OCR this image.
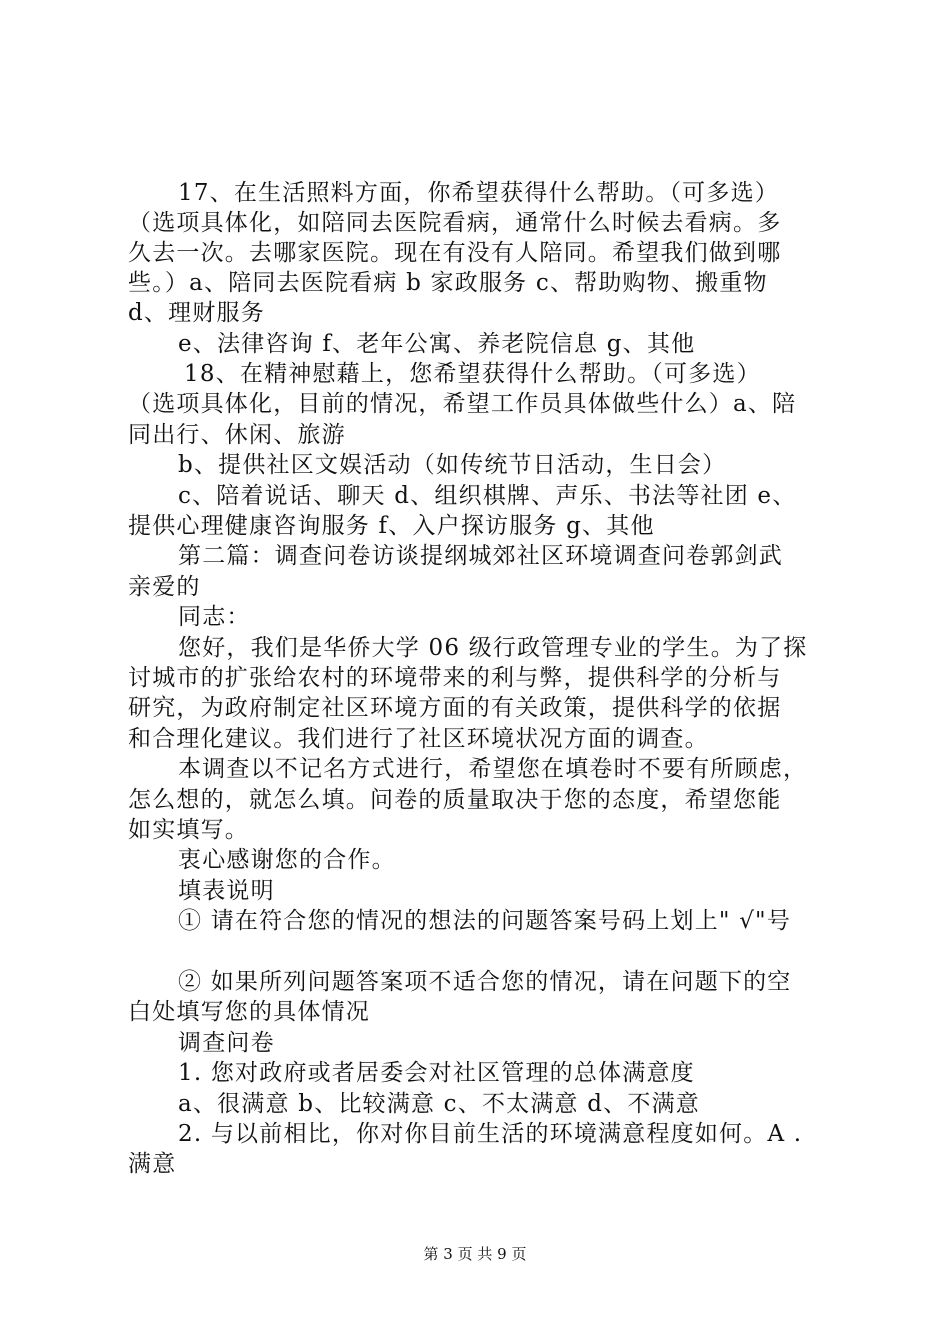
17、在生活照料方面，你希望获得什么帮助。（可多选）
（选项具体化，如陪同去医院看病，通常什么时候去看病。多
久去一次。去哪家医院。现在有没有人陪同。希望我们做到哪
些。）a、陪同去医院看病 b 家政服务 c、帮助购物、搬重物
d、理财服务
e、法律咨询 f、老年公寓、养老院信息 g、其他
18、在精神慰藉上，您希望获得什么帮助。（可多选）
（选项具体化，目前的情况，希望工作员具体做些什么）a、陪
同出行、休闲、旅游
b、提供社区文娱活动（如传统节日活动，生日会）
c、陪着说话、聊天 d、组织棋牌、声乐、书法等社团 e、
提供心理健康咨询服务 f、入户探访服务 g、其他
第二篇：调查问卷访谈提纲城郊社区环境调查问卷郭剑武
亲爱的
同志：
您好，我们是华侨大学 06 级行政管理专业的学生。为了探
讨城市的扩张给农村的环境带来的利与弊，提供科学的分析与
研究，为政府制定社区环境方面的有关政策，提供科学的依据
和合理化建议。我们进行了社区环境状况方面的调查。
本调查以不记名方式进行，希望您在填卷时不要有所顾虑，
怎么想的，就怎么填。问卷的质量取决于您的态度，希望您能
如实填写。
衷心感谢您的合作。
填表说明
① 请在符合您的情况的想法的问题答案号码上划上" √"号
② 如果所列问题答案项不适合您的情况，请在问题下的空
白处填写您的具体情况
调查问卷
1. 您对政府或者居委会对社区管理的总体满意度
a、很满意 b、比较满意 c、不太满意 d、不满意
2. 与以前相比，你对你目前生活的环境满意程度如何。A .
满意
第 3 页 共 9 页
